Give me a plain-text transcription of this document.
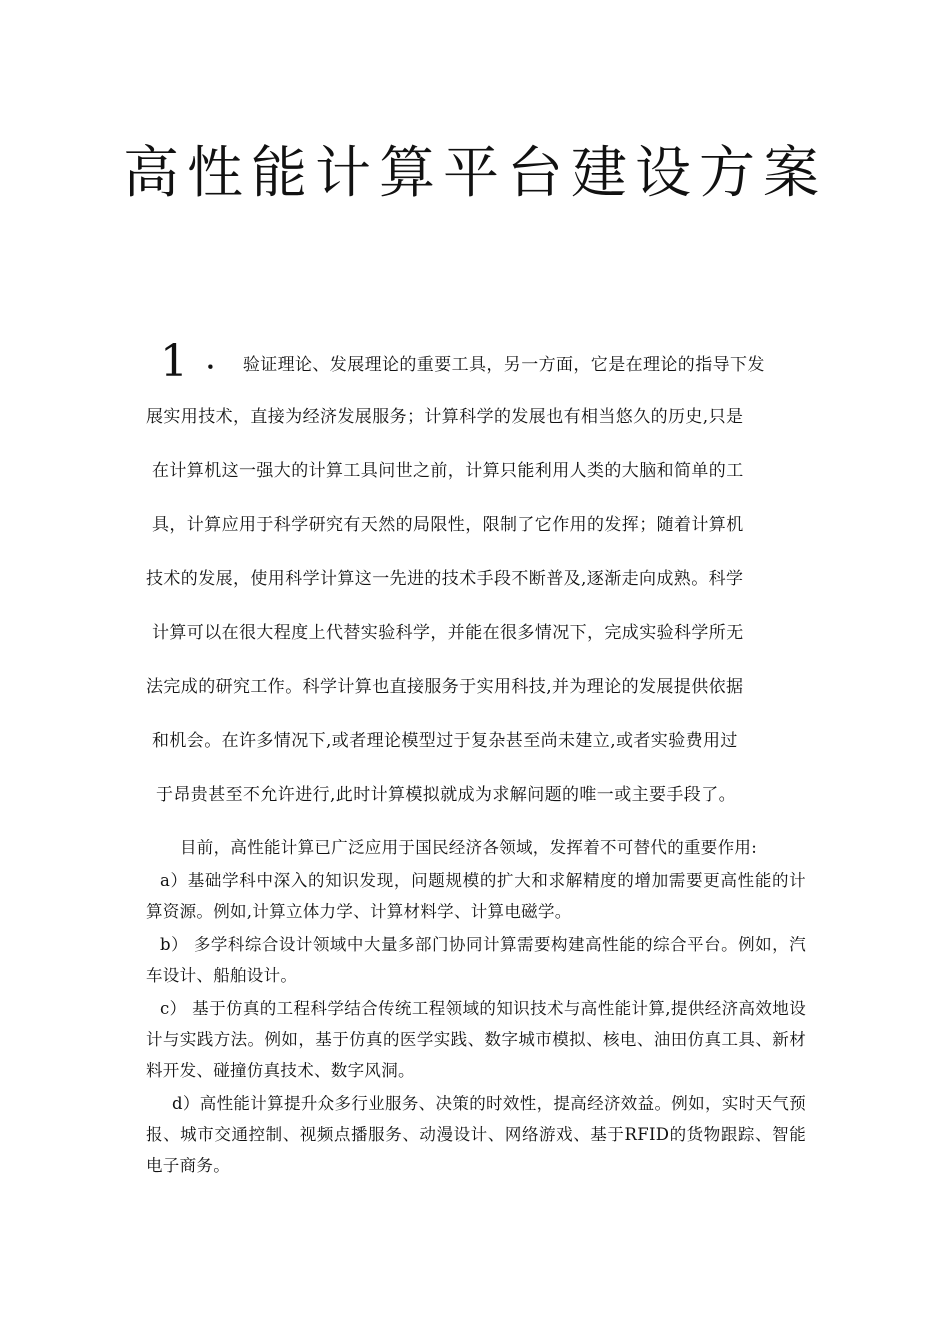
高性能计算平台建设方案
1 ． 验证理论、发展理论的重要工具，另一方面，它是在理论的指导下发
展实用技术，直接为经济发展服务；计算科学的发展也有相当悠久的历史,只是
在计算机这一强大的计算工具问世之前，计算只能利用人类的大脑和简单的工
具，计算应用于科学研究有天然的局限性，限制了它作用的发挥；随着计算机
技术的发展，使用科学计算这一先进的技术手段不断普及,逐渐走向成熟。科学
计算可以在很大程度上代替实验科学，并能在很多情况下，完成实验科学所无
法完成的研究工作。科学计算也直接服务于实用科技,并为理论的发展提供依据
和机会。在许多情况下,或者理论模型过于复杂甚至尚未建立,或者实验费用过
于昂贵甚至不允许进行,此时计算模拟就成为求解问题的唯一或主要手段了。

目前，高性能计算已广泛应用于国民经济各领域，发挥着不可替代的重要作用:

a）基础学科中深入的知识发现，问题规模的扩大和求解精度的增加需要更高性能的计算资源。例如,计算立体力学、计算材料学、计算电磁学。

b） 多学科综合设计领域中大量多部门协同计算需要构建高性能的综合平台。例如，汽车设计、船舶设计。

c） 基于仿真的工程科学结合传统工程领域的知识技术与高性能计算,提供经济高效地设计与实践方法。例如，基于仿真的医学实践、数字城市模拟、核电、油田仿真工具、新材料开发、碰撞仿真技术、数字风洞。

d）高性能计算提升众多行业服务、决策的时效性，提高经济效益。例如，实时天气预报、城市交通控制、视频点播服务、动漫设计、网络游戏、基于RFID的货物跟踪、智能电子商务。
